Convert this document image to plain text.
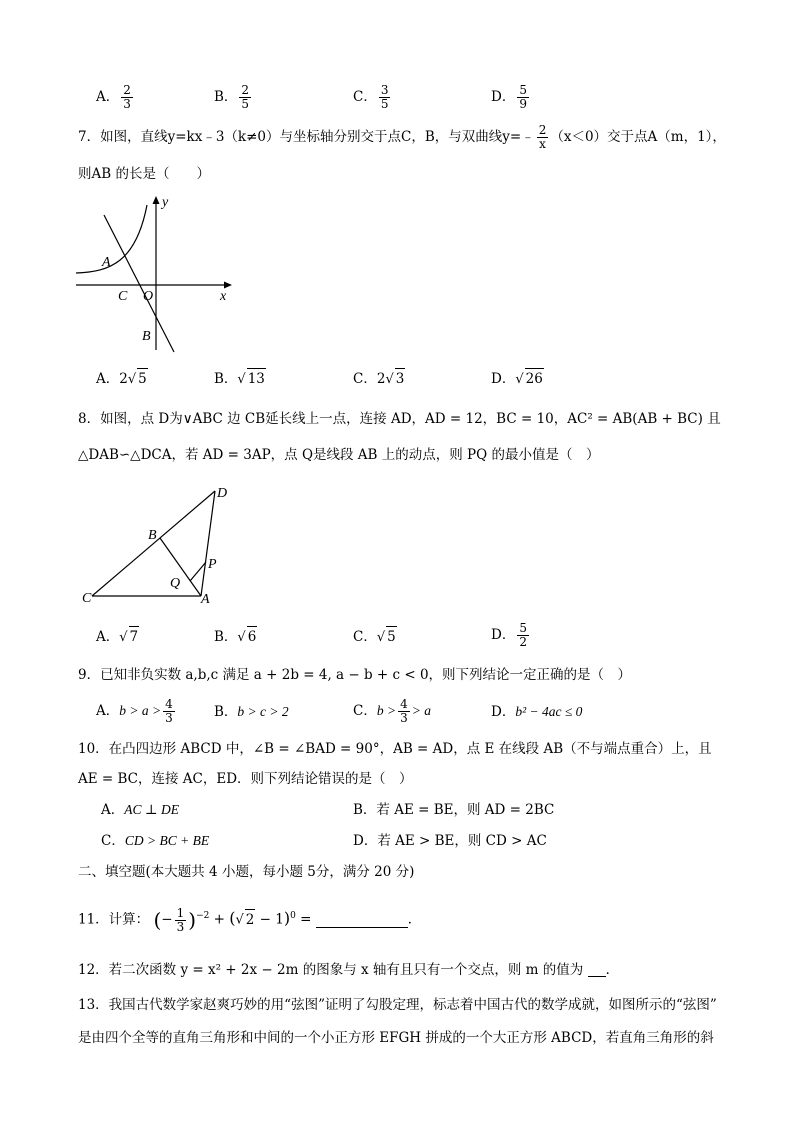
A． $\frac{2}{3}$	B． $\frac{2}{5}$	C． $\frac{3}{5}$	D． $\frac{5}{9}$
7．如图，直线y=kx﹣3（k≠0）与坐标轴分别交于点C，B，与双曲线y=﹣ $\frac{2}{x} (x<0)$交于点A（m，1），
则AB 的长是（　　）
y
x
A
C O
B
A．2√ 5	B．√ 13	C．2√ 3	D．√ 26
8．如图，点 D为∨ABC 边 CB延长线上一点，连接 AD，AD = 12，BC = 10，AC² = AB(AB + BC) 且
△DAB∽△DCA，若 AD = 3AP，点 Q是线段 AB 上的动点，则 PQ 的最小值是（　）
D
B
P
Q
C	A
A．√ 7	B．√ 6	C．√ 5	D． $\frac{5}{2}$
9．已知非负实数 a,b,c 满足 a + 2b = 4, a − b + c < 0，则下列结论一定正确的是（　）
A．$b > a > \frac{4}{3}$	B．b > c > 2	C．$b > \frac{4}{3} > a$	D．b² − 4ac ≤ 0
10．在凸四边形 ABCD 中，∠B = ∠BAD = 90°，AB = AD，点 E 在线段 AB（不与端点重合）上，且
AE = BC，连接 AC，ED．则下列结论错误的是（　）
A．AC ⊥ DE	B．若 AE = BE，则 AD = 2BC
C．CD > BC + BE	D．若 AE > BE，则 CD > AC
二、填空题(本大题共 4 小题，每小题 5分，满分 20 分)
11．计算： (− $\frac{1}{3} )^{-2}$ + (√ 2 − 1)$^0$ =	．
12．若二次函数 y = x² + 2x − 2m 的图象与 x 轴有且只有一个交点，则 m 的值为 ．
13．我国古代数学家赵爽巧妙的用“弦图”证明了勾股定理，标志着中国古代的数学成就，如图所示的“弦图”
是由四个全等的直角三角形和中间的一个小正方形 EFGH 拼成的一个大正方形 ABCD，若直角三角形的斜
